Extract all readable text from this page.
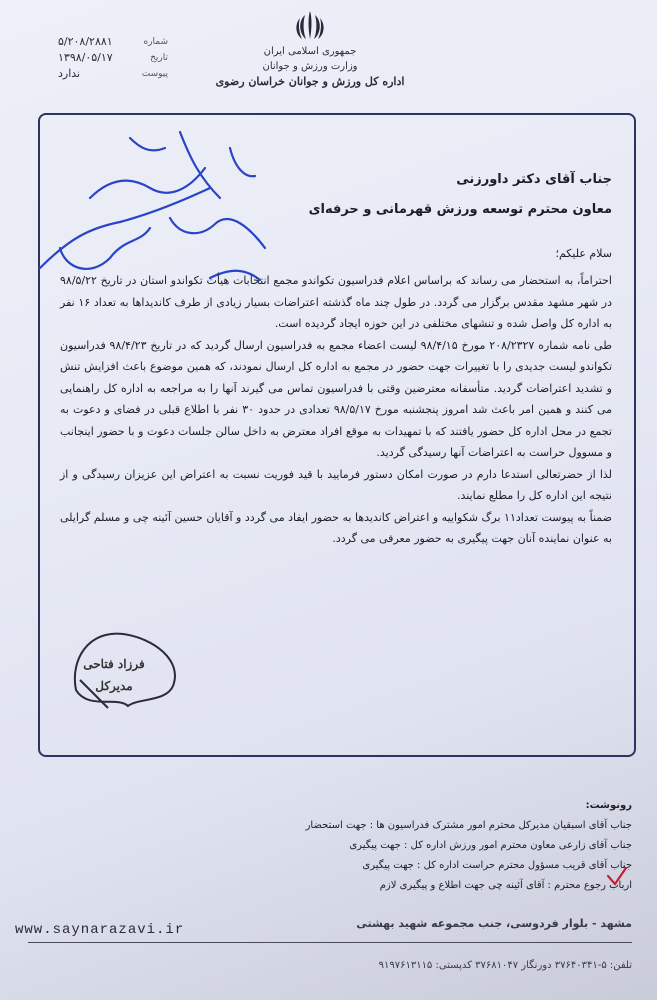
شماره
۵/۲۰۸/۲۸۸۱
تاریخ
۱۳۹۸/۰۵/۱۷
پیوست
ندارد
جمهوری اسلامی ایران
وزارت ورزش و جوانان
اداره کل ورزش و جوانان خراسان رضوی
جناب آقای دکتر داورزنی
معاون محترم توسعه ورزش قهرمانی و حرفه‌ای
سلام علیکم؛

احتراماً، به استحضار می رساند که براساس اعلام فدراسیون تکواندو مجمع انتخابات هیأت تکواندو استان در تاریخ ۹۸/۵/۲۲ در شهر مشهد مقدس برگزار می گردد. در طول چند ماه گذشته اعتراضات بسیار زیادی از طرف کاندیداها به تعداد ۱۶ نفر به اداره کل واصل شده و تنشهای مختلفی در این حوزه ایجاد گردیده است.

طی نامه شماره ۲۰۸/۲۳۲۷ مورخ ۹۸/۴/۱۵ لیست اعضاء مجمع به فدراسیون ارسال گردید که در تاریخ ۹۸/۴/۲۳ فدراسیون تکواندو لیست جدیدی را با تغییرات جهت حضور در مجمع به اداره کل ارسال نمودند، که همین موضوع باعث افزایش تنش و تشدید اعتراضات گردید. متأسفانه معترضین وقتی با فدراسیون تماس می گیرند آنها را به مراجعه به اداره کل راهنمایی می کنند و همین امر باعث شد امروز پنجشنبه مورخ ۹۸/۵/۱۷ تعدادی در حدود ۳۰ نفر با اطلاع قبلی در فضای و دعوت به تجمع در محل اداره کل حضور یافتند که با تمهیدات به موقع افراد معترض به داخل سالن جلسات دعوت و با حضور اینجانب و مسوول حراست به اعتراضات آنها رسیدگی گردید.

لذا از حضرتعالی استدعا دارم در صورت امکان دستور فرمایید با قید فوریت نسبت به اعتراض این عزیزان رسیدگی و از نتیجه این اداره کل را مطلع نمایند.

ضمناً به پیوست تعداد۱۱ برگ شکواییه و اعتراض کاندیدها به حضور ایفاد می گردد و آقایان حسین آئینه چی و مسلم گرایلی به عنوان نماینده آنان جهت پیگیری به حضور معرفی می گردد.

فرزاد فتاحی
مدیرکل
رونوشت:
جناب آقای اسبقیان مدیرکل محترم امور مشترک فدراسیون ها : جهت استحضار
جناب آقای زارعی معاون محترم امور ورزش اداره کل : جهت پیگیری
جناب آقای قریب مسؤول محترم حراست اداره کل : جهت پیگیری
ارباب رجوع محترم : آقای آئینه چی جهت اطلاع و پیگیری لازم
www.saynarazavi.ir	مشهد - بلوار فردوسی، جنب مجموعه شهید بهشتی
تلفن: ۵-۳۷۶۴۰۳۴۱ دورنگار ۳۷۶۸۱۰۴۷ کدپستی: ۹۱۹۷۶۱۳۱۱۵
